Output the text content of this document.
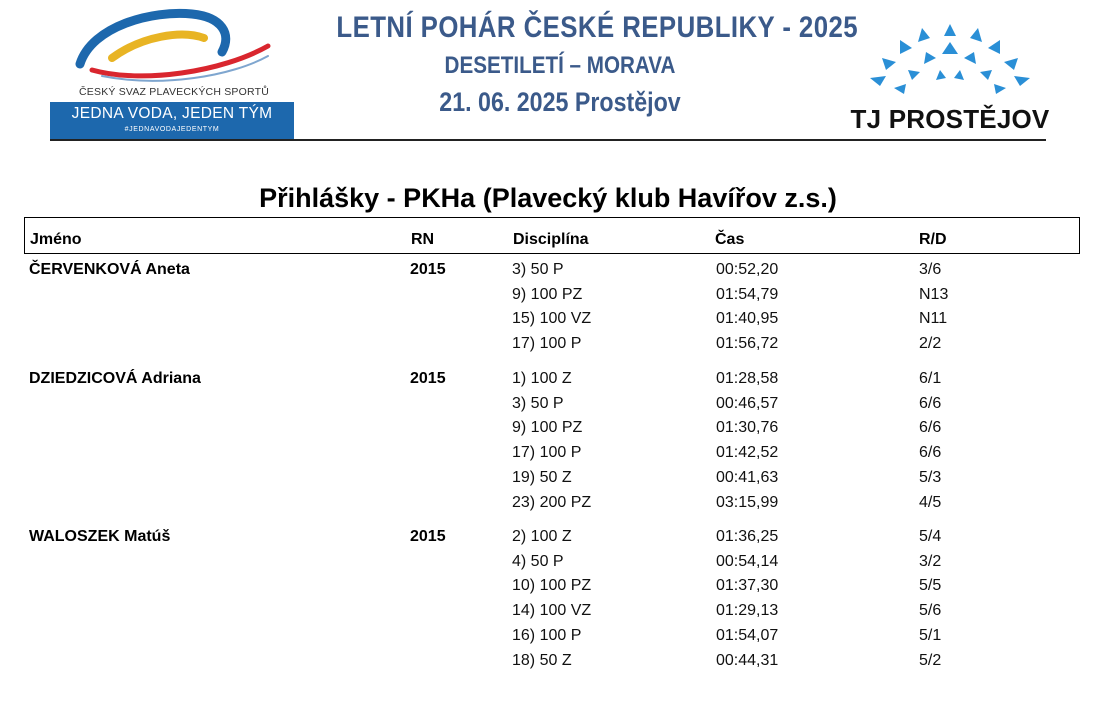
ČESKÝ SVAZ PLAVECKÝCH SPORTŮ
JEDNA VODA, JEDEN TÝM
#JEDNAVODAJEDENTYM
LETNÍ POHÁR ČESKÉ REPUBLIKY - 2025
DESETILETÍ – MORAVA
21. 06. 2025 Prostějov
TJ PROSTĚJOV
Přihlášky - PKHa (Plavecký klub Havířov z.s.)
Jméno	RN	Disciplína	Čas	R/D
ČERVENKOVÁ Aneta	2015	3) 50 P	00:52,20	3/6
9) 100 PZ	01:54,79	N13
15) 100 VZ	01:40,95	N11
17) 100 P	01:56,72	2/2
DZIEDZICOVÁ Adriana	2015	1) 100 Z	01:28,58	6/1
3) 50 P	00:46,57	6/6
9) 100 PZ	01:30,76	6/6
17) 100 P	01:42,52	6/6
19) 50 Z	00:41,63	5/3
23) 200 PZ	03:15,99	4/5
WALOSZEK Matúš	2015	2) 100 Z	01:36,25	5/4
4) 50 P	00:54,14	3/2
10) 100 PZ	01:37,30	5/5
14) 100 VZ	01:29,13	5/6
16) 100 P	01:54,07	5/1
18) 50 Z	00:44,31	5/2
